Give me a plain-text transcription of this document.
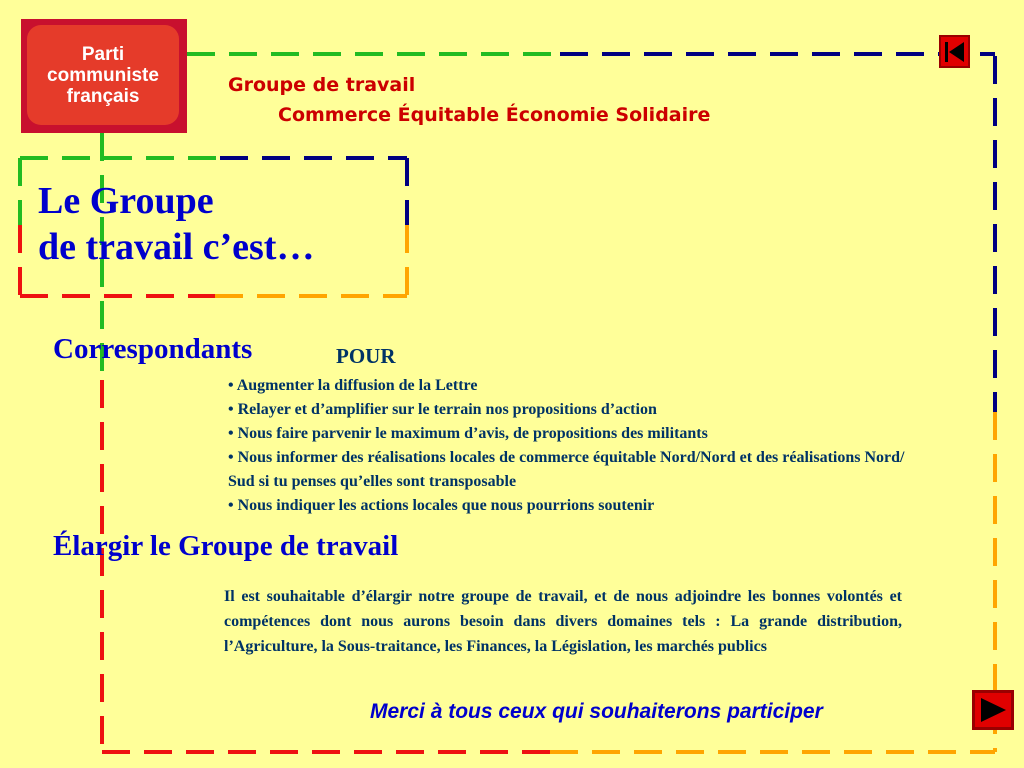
Parti
communiste
français	Groupe de travail
Commerce Équitable Économie Solidaire
Le Groupe
de travail c’est…
Correspondants	POUR
• Augmenter la diffusion de la Lettre
• Relayer et d’amplifier sur le terrain nos propositions d’action
• Nous faire parvenir le maximum d’avis, de propositions des militants
• Nous informer des réalisations locales de commerce équitable Nord/Nord et des réalisations Nord/ Sud si tu penses qu’elles sont transposable
• Nous indiquer les actions locales que nous pourrions soutenir
Élargir le Groupe de travail

Il est souhaitable d’élargir notre groupe de travail, et de nous adjoindre les bonnes volontés et compétences dont nous aurons besoin dans divers domaines tels : La grande distribution, l’Agriculture, la Sous-traitance, les Finances, la Législation, les marchés publics

Merci à tous ceux qui souhaiterons participer
